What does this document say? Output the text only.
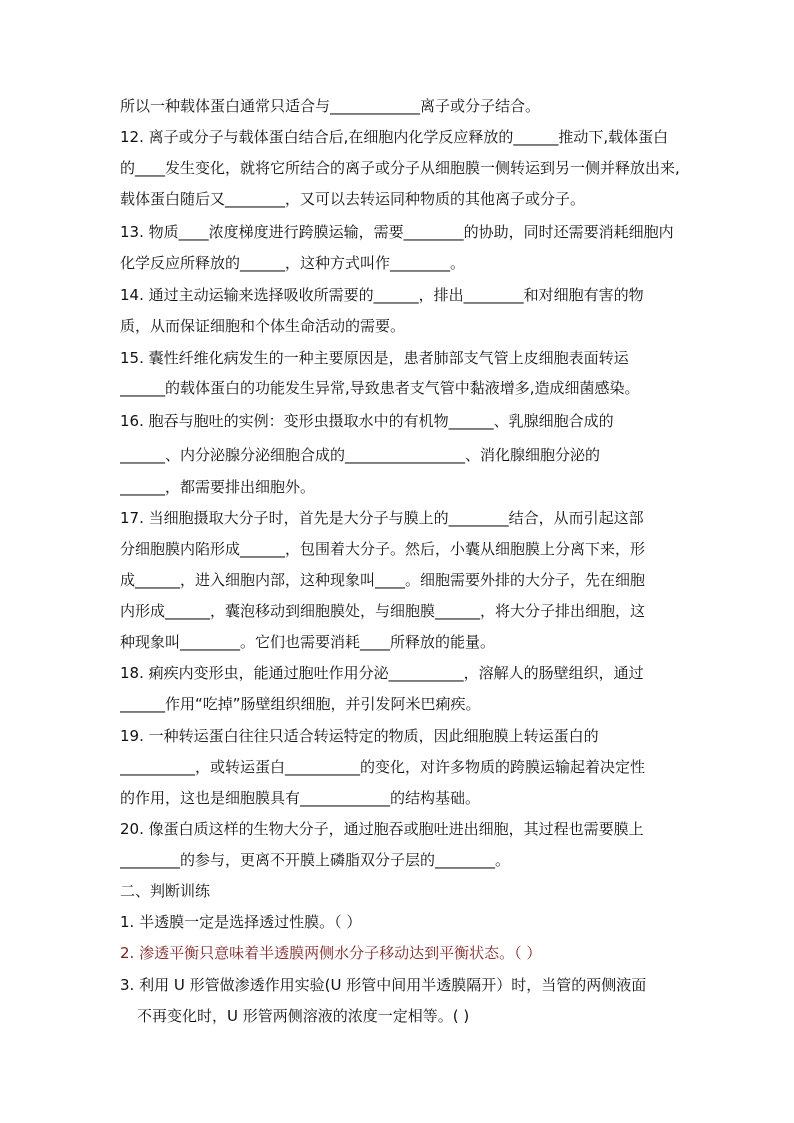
所以一种载体蛋白通常只适合与____________离子或分子结合。
12. 离子或分子与载体蛋白结合后,在细胞内化学反应释放的______推动下,载体蛋白
的____发生变化，就将它所结合的离子或分子从细胞膜一侧转运到另一侧并释放出来,
载体蛋白随后又________，又可以去转运同种物质的其他离子或分子。
13. 物质____浓度梯度进行跨膜运输，需要________的协助，同时还需要消耗细胞内
化学反应所释放的______，这种方式叫作________。
14. 通过主动运输来选择吸收所需要的______，排出________和对细胞有害的物
质，从而保证细胞和个体生命活动的需要。
15. 囊性纤维化病发生的一种主要原因是，患者肺部支气管上皮细胞表面转运
______的载体蛋白的功能发生异常,导致患者支气管中黏液增多,造成细菌感染。
16. 胞吞与胞吐的实例：变形虫摄取水中的有机物______、乳腺细胞合成的
______、内分泌腺分泌细胞合成的________________、消化腺细胞分泌的
______，都需要排出细胞外。
17. 当细胞摄取大分子时，首先是大分子与膜上的________结合，从而引起这部
分细胞膜内陷形成______，包围着大分子。然后，小囊从细胞膜上分离下来，形
成______，进入细胞内部，这种现象叫____。细胞需要外排的大分子，先在细胞
内形成______，囊泡移动到细胞膜处，与细胞膜______，将大分子排出细胞，这
种现象叫________。它们也需要消耗____所释放的能量。
18. 痢疾内变形虫，能通过胞吐作用分泌__________，溶解人的肠壁组织，通过
______作用“吃掉”肠壁组织细胞，并引发阿米巴痢疾。
19. 一种转运蛋白往往只适合转运特定的物质，因此细胞膜上转运蛋白的
__________，或转运蛋白__________的变化，对许多物质的跨膜运输起着决定性
的作用，这也是细胞膜具有____________的结构基础。
20. 像蛋白质这样的生物大分子，通过胞吞或胞吐进出细胞，其过程也需要膜上
________的参与，更离不开膜上磷脂双分子层的________。
二、判断训练
1. 半透膜一定是选择透过性膜。（ ）
2. 渗透平衡只意味着半透膜两侧水分子移动达到平衡状态。（ ）
3. 利用 U 形管做渗透作用实验(U 形管中间用半透膜隔开）时，当管的两侧液面
不再变化时，U 形管两侧溶液的浓度一定相等。( )
